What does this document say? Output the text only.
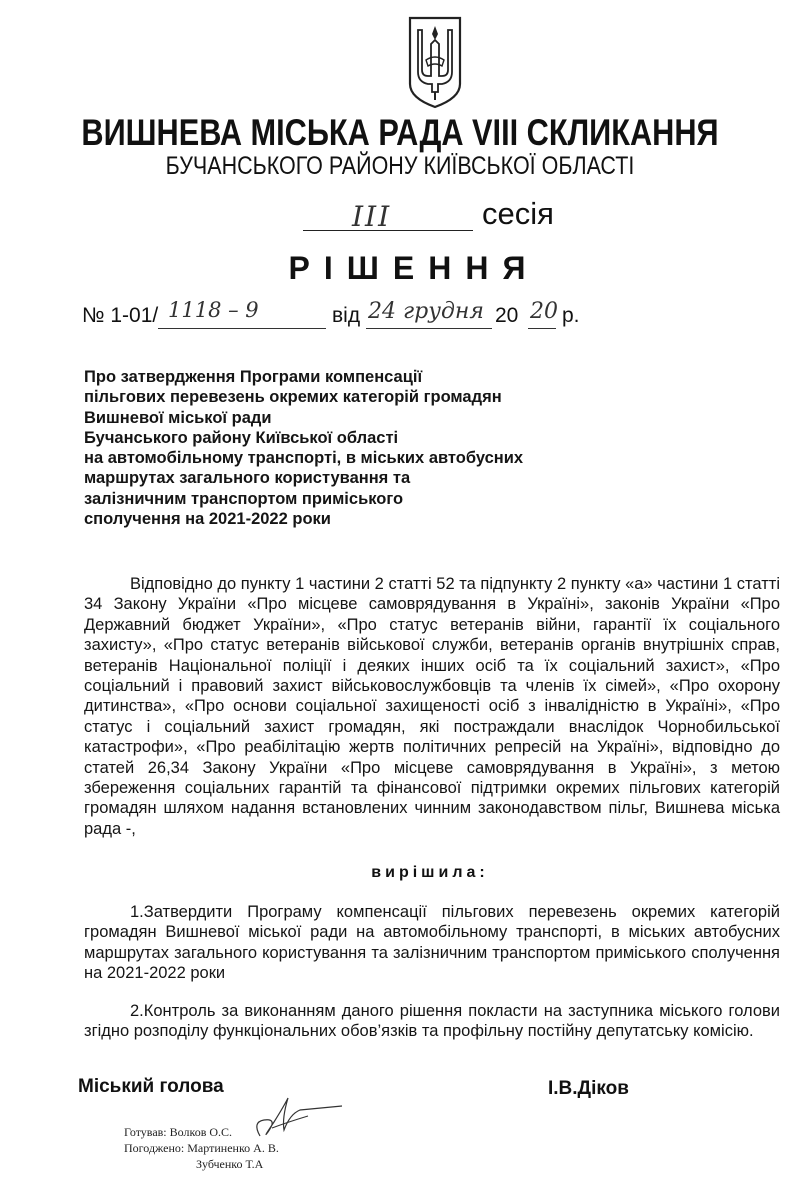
ВИШНЕВА МІСЬКА РАДА VIII СКЛИКАННЯ
БУЧАНСЬКОГО РАЙОНУ КИЇВСЬКОЇ ОБЛАСТІ
III	сесія
РІШЕННЯ
№ 1-01/ 1118 – 9	від 24 грудня 20 20 р.
Про затвердження Програми компенсації
пільгових перевезень окремих категорій громадян
Вишневої міської ради
Бучанського району Київської області
на автомобільному транспорті, в міських автобусних
маршрутах загального користування та
залізничним транспортом приміського
сполучення на 2021-2022 роки

Відповідно до пункту 1 частини 2 статті 52 та підпункту 2 пункту «а» частини 1 статті 34 Закону України «Про місцеве самоврядування в Україні», законів України «Про Державний бюджет України», «Про статус ветеранів війни, гарантії їх соціального захисту», «Про статус ветеранів військової служби, ветеранів органів внутрішніх справ, ветеранів Національної поліції і деяких інших осіб та їх соціальний захист», «Про соціальний і правовий захист військовослужбовців та членів їх сімей», «Про охорону дитинства», «Про основи соціальної захищеності осіб з інвалідністю в Україні», «Про статус і соціальний захист громадян, які постраждали внаслідок Чорнобильської катастрофи», «Про реабілітацію жертв політичних репресій на Україні», відповідно до статей 26,34 Закону України «Про місцеве самоврядування в Україні», з метою збереження соціальних гарантій та фінансової підтримки окремих пільгових категорій громадян шляхом надання встановлених чинним законодавством пільг, Вишнева міська рада -,

вирішила:

1.Затвердити Програму компенсації пільгових перевезень окремих категорій громадян Вишневої міської ради на автомобільному транспорті, в міських автобусних маршрутах загального користування та залізничним транспортом приміського сполучення на 2021-2022 роки

2.Контроль за виконанням даного рішення покласти на заступника міського голови згідно розподілу функціональних обов’язків та профільну постійну депутатську комісію.

Міський голова	І.В.Діков
Готував: Волков О.С.
Погоджено: Мартиненко А. В.
Зубченко Т.А
